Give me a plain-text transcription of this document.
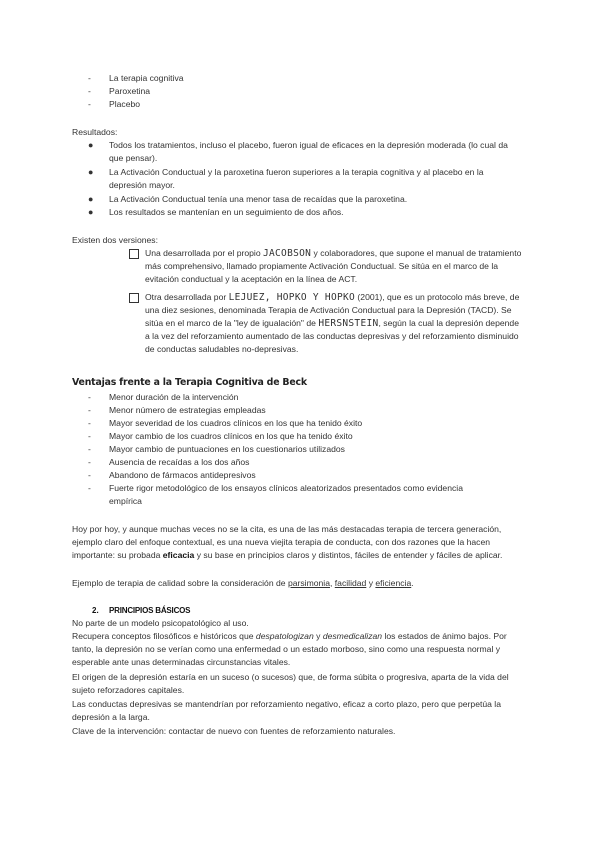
La terapia cognitiva
Paroxetina
Placebo
Resultados:
● Todos los tratamientos, incluso el placebo, fueron igual de eficaces en la depresión moderada (lo cual da que pensar).
● La Activación Conductual y la paroxetina fueron superiores a la terapia cognitiva y al placebo en la depresión mayor.
● La Activación Conductual tenía una menor tasa de recaídas que la paroxetina.
● Los resultados se mantenían en un seguimiento de dos años.
Existen dos versiones:
Una desarrollada por el propio JACOBSON y colaboradores, que supone el manual de tratamiento más comprehensivo, llamado propiamente Activación Conductual. Se sitúa en el marco de la evitación conductual y la aceptación en la línea de ACT.
Otra desarrollada por LEJUEZ, HOPKO Y HOPKO (2001), que es un protocolo más breve, de una diez sesiones, denominada Terapia de Activación Conductual para la Depresión (TACD). Se sitúa en el marco de la "ley de igualación" de HERSNSTEIN, según la cual la depresión depende a la vez del reforzamiento aumentado de las conductas depresivas y del reforzamiento disminuido de conductas saludables no-depresivas.
Ventajas frente a la Terapia Cognitiva de Beck
Menor duración de la intervención
Menor número de estrategias empleadas
Mayor severidad de los cuadros clínicos en los que ha tenido éxito
Mayor cambio de los cuadros clínicos en los que ha tenido éxito
Mayor cambio de puntuaciones en los cuestionarios utilizados
Ausencia de recaídas a los dos años
Abandono de fármacos antidepresivos
Fuerte rigor metodológico de los ensayos clínicos aleatorizados presentados como evidencia
empírica
Hoy por hoy, y aunque muchas veces no se la cita, es una de las más destacadas terapia de tercera generación, ejemplo claro del enfoque contextual, es una nueva viejita terapia de conducta, con dos razones que la hacen importante: su probada eficacia y su base en principios claros y distintos, fáciles de entender y fáciles de aplicar.
Ejemplo de terapia de calidad sobre la consideración de parsimonia, facilidad y eficiencia.
2. PRINCIPIOS BÁSICOS
No parte de un modelo psicopatológico al uso.
Recupera conceptos filosóficos e históricos que despatologizan y desmedicalizan los estados de ánimo bajos. Por tanto, la depresión no se verían como una enfermedad o un estado morboso, sino como una respuesta normal y esperable ante unas determinadas circunstancias vitales.
El origen de la depresión estaría en un suceso (o sucesos) que, de forma súbita o progresiva, aparta de la vida del sujeto reforzadores capitales.
Las conductas depresivas se mantendrían por reforzamiento negativo, eficaz a corto plazo, pero que perpetúa la depresión a la larga.
Clave de la intervención: contactar de nuevo con fuentes de reforzamiento naturales.
